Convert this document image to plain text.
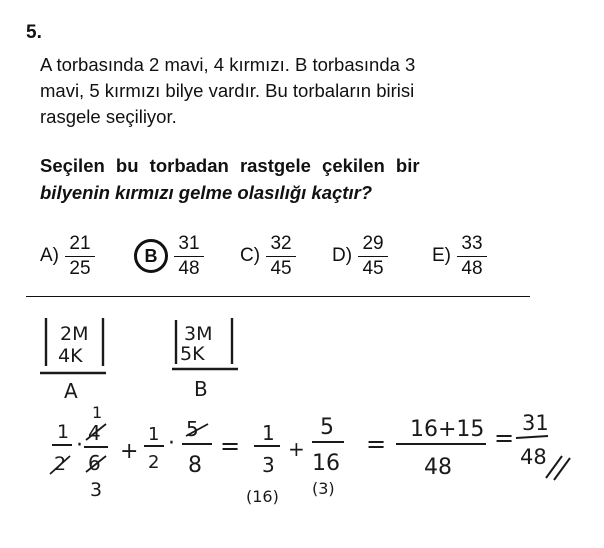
5.

A torbasında 2 mavi, 4 kırmızı. B torbasında 3

mavi, 5 kırmızı bilye vardır. Bu torbaların birisi

rasgele seçiliyor.

Seçilen bu torbadan rastgele çekilen bir
bilyenin kırmızı gelme olasılığı kaçtır?
$A) \frac{21}{25}$	B $\frac{31}{48} C) \frac{32}{45} D) \frac{29}{45} E) \frac{33}{48}$
2M
4K
A
3M
5K
B
1
2
·
1
4
6
3
+
1
2
·
5
8
= 1
3
(16)
+
5
16
(3)
=
16+15
48
=
31
48
